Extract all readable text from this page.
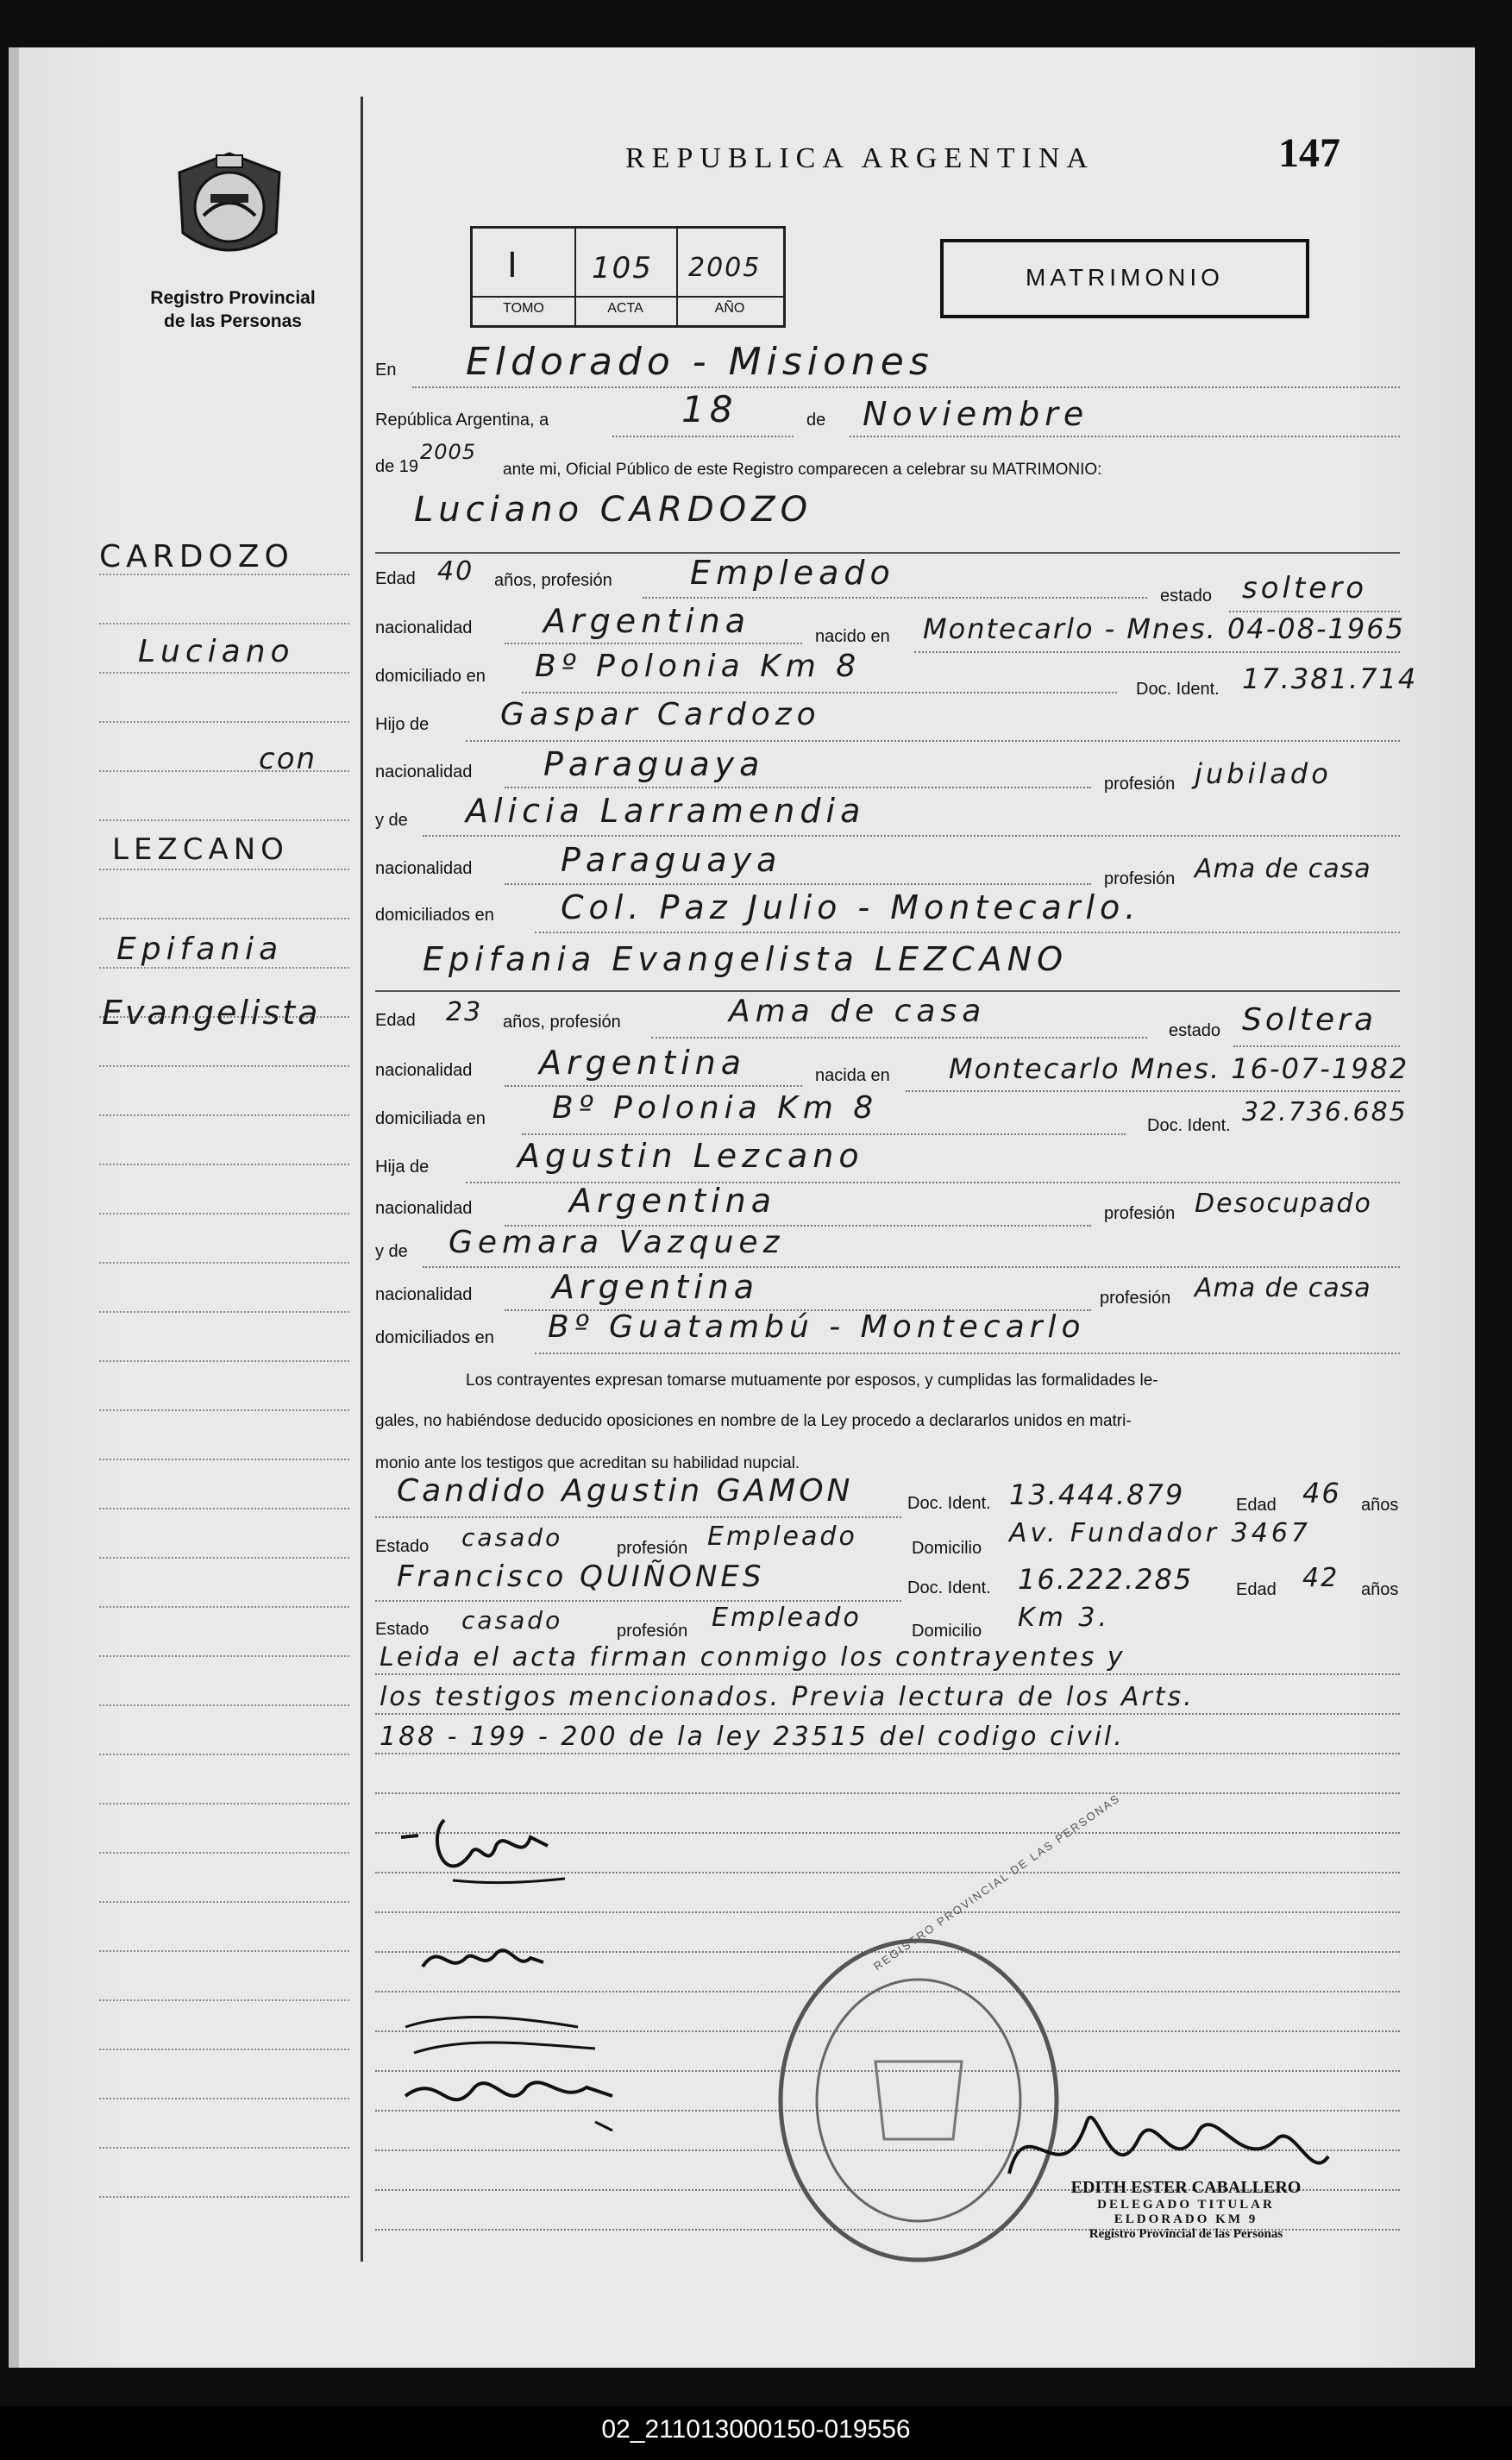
Registro Provincial
de las Personas
REPUBLICA ARGENTINA	147
I 105 2005
TOMO	ACTA	AÑO
MATRIMONIO
En Eldorado - Misiones
República Argentina, a	18	de Noviembre
de 19
2005
ante mi, Oficial Público de este Registro comparecen a celebrar su MATRIMONIO:
Luciano CARDOZO
Edad 40 años, profesión Empleado
estado soltero
nacionalidad Argentina	nacido en Montecarlo - Mnes. 04-08-1965
domiciliado en Bº Polonia Km 8
Doc. Ident. 17.381.714
Hijo de Gaspar Cardozo
nacionalidad Paraguaya
profesión jubilado
y de Alicia Larramendia
nacionalidad	Paraguaya	profesión Ama de casa
domiciliados en Col. Paz Julio - Montecarlo.
Epifania Evangelista LEZCANO
Edad 23 años, profesión	Ama de casa
estado Soltera
nacionalidad Argentina	nacida en Montecarlo Mnes. 16-07-1982
domiciliada en Bº Polonia Km 8	Doc. Ident. 32.736.685
Hija de	Agustin Lezcano
nacionalidad	Argentina	profesión Desocupado
y de Gemara Vazquez
nacionalidad Argentina	profesión Ama de casa
domiciliados en Bº Guatambú - Montecarlo
Los contrayentes expresan tomarse mutuamente por esposos, y cumplidas las formalidades le-
gales, no habiéndose deducido oposiciones en nombre de la Ley procedo a declararlos unidos en matri-
monio ante los testigos que acreditan su habilidad nupcial.
Candido Agustin GAMON	Doc. Ident. 13.444.879	Edad 46 años
Estado casado	profesión Empleado	Domicilio Av. Fundador 3467
Francisco QUIÑONES	Doc. Ident. 16.222.285 Edad 42 años
Estado casado	profesión Empleado	Domicilio Km 3.
Leida el acta firman conmigo los contrayentes y
los testigos mencionados. Previa lectura de los Arts.
188 - 199 - 200 de la ley 23515 del codigo civil.
REGISTRO PROVINCIAL DE LAS PERSONAS
EDITH ESTER CABALLERO
DELEGADO TITULAR
ELDORADO KM 9
Registro Provincial de las Personas
CARDOZO
Luciano
con
LEZCANO
Epifania
Evangelista
02_211013000150-019556
